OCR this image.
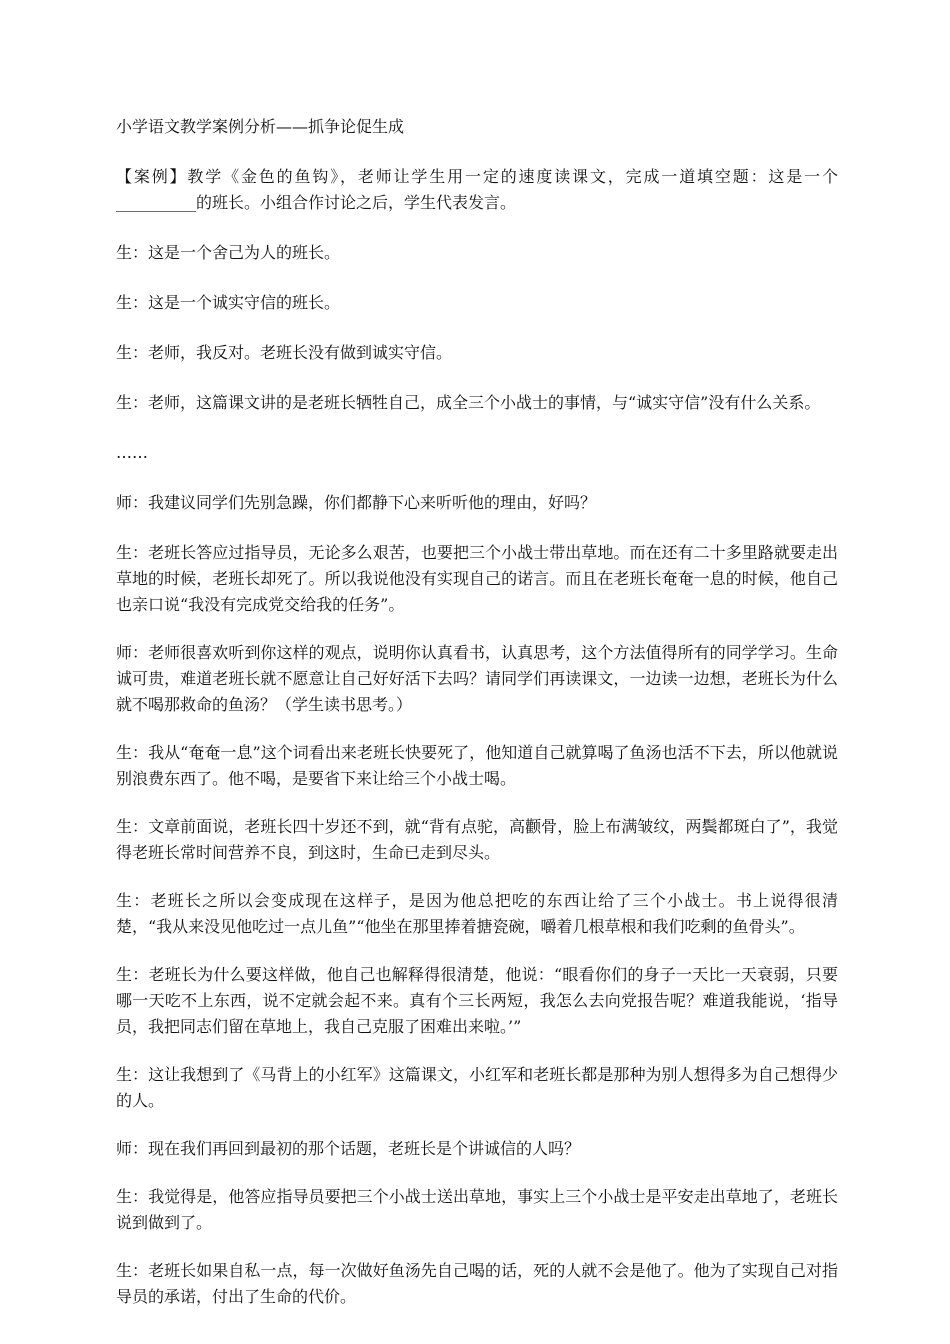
小学语文教学案例分析——抓争论促生成

【案例】教学《金色的鱼钩》，老师让学生用一定的速度读课文，完成一道填空题：这是一个__________的班长。小组合作讨论之后，学生代表发言。

生：这是一个舍己为人的班长。

生：这是一个诚实守信的班长。

生：老师，我反对。老班长没有做到诚实守信。

生：老师，这篇课文讲的是老班长牺牲自己，成全三个小战士的事情，与“诚实守信”没有什么关系。

……

师：我建议同学们先别急躁，你们都静下心来听听他的理由，好吗？

生：老班长答应过指导员，无论多么艰苦，也要把三个小战士带出草地。而在还有二十多里路就要走出草地的时候，老班长却死了。所以我说他没有实现自己的诺言。而且在老班长奄奄一息的时候，他自己也亲口说“我没有完成党交给我的任务”。

师：老师很喜欢听到你这样的观点，说明你认真看书，认真思考，这个方法值得所有的同学学习。生命诚可贵，难道老班长就不愿意让自己好好活下去吗？请同学们再读课文，一边读一边想，老班长为什么就不喝那救命的鱼汤？（学生读书思考。）

生：我从“奄奄一息”这个词看出来老班长快要死了，他知道自己就算喝了鱼汤也活不下去，所以他就说别浪费东西了。他不喝，是要省下来让给三个小战士喝。

生：文章前面说，老班长四十岁还不到，就“背有点驼，高颧骨，脸上布满皱纹，两鬓都斑白了”，我觉得老班长常时间营养不良，到这时，生命已走到尽头。

生：老班长之所以会变成现在这样子，是因为他总把吃的东西让给了三个小战士。书上说得很清楚，“我从来没见他吃过一点儿鱼”“他坐在那里捧着搪瓷碗，嚼着几根草根和我们吃剩的鱼骨头”。

生：老班长为什么要这样做，他自己也解释得很清楚，他说：“眼看你们的身子一天比一天衰弱，只要哪一天吃不上东西，说不定就会起不来。真有个三长两短，我怎么去向党报告呢？难道我能说，‘指导员，我把同志们留在草地上，我自己克服了困难出来啦。’”

生：这让我想到了《马背上的小红军》这篇课文，小红军和老班长都是那种为别人想得多为自己想得少的人。

师：现在我们再回到最初的那个话题，老班长是个讲诚信的人吗？

生：我觉得是，他答应指导员要把三个小战士送出草地，事实上三个小战士是平安走出草地了，老班长说到做到了。

生：老班长如果自私一点，每一次做好鱼汤先自己喝的话，死的人就不会是他了。他为了实现自己对指导员的承诺，付出了生命的代价。
